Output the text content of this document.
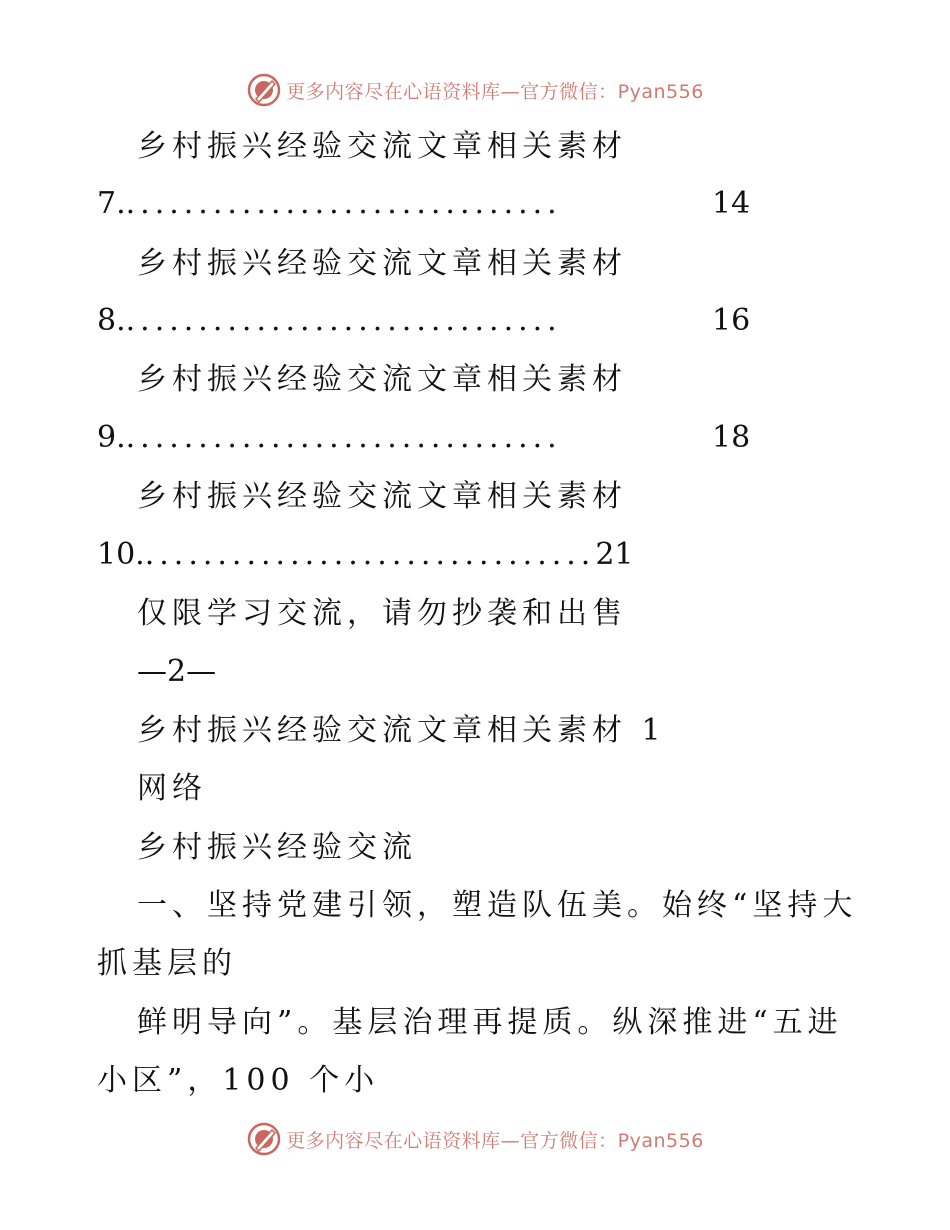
更多内容尽在心语资料库—官方微信：Pyan556
乡村振兴经验交流文章相关素材
7...............................	14
乡村振兴经验交流文章相关素材
8...............................	16
乡村振兴经验交流文章相关素材
9...............................	18
乡村振兴经验交流文章相关素材
10................................21
仅限学习交流，请勿抄袭和出售
—2—
乡村振兴经验交流文章相关素材 1
网络
乡村振兴经验交流
一、坚持党建引领，塑造队伍美。始终“坚持大
抓基层的
鲜明导向”。基层治理再提质。纵深推进“五进
小区”，100 个小
更多内容尽在心语资料库—官方微信：Pyan556
